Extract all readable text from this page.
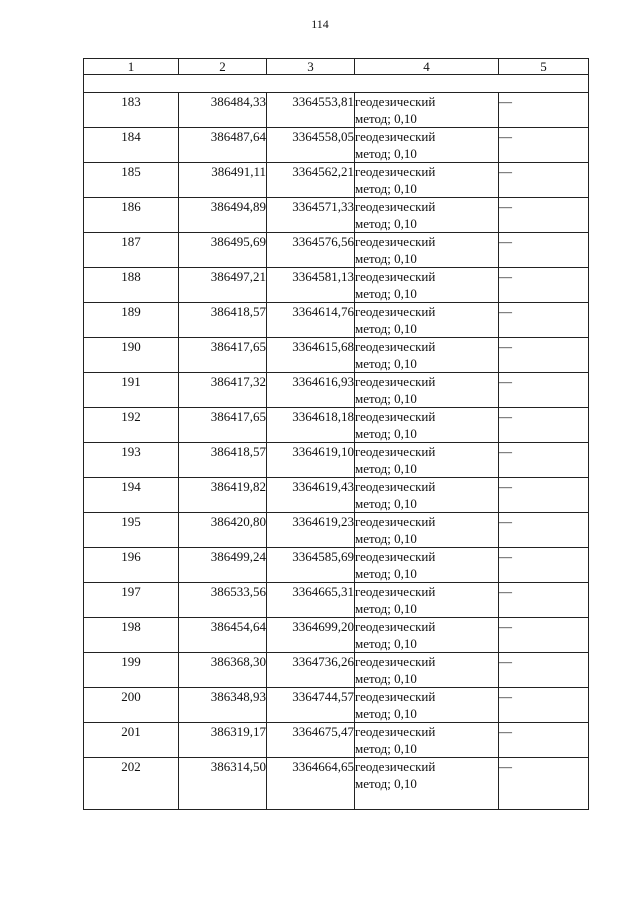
114
1	2	3	4	5

183	386484,33	3364553,81	геодезический
метод; 0,10	—
184	386487,64	3364558,05	геодезический
метод; 0,10	—
185	386491,11	3364562,21	геодезический
метод; 0,10	—
186	386494,89	3364571,33	геодезический
метод; 0,10	—
187	386495,69	3364576,56	геодезический
метод; 0,10	—
188	386497,21	3364581,13	геодезический
метод; 0,10	—
189	386418,57	3364614,76	геодезический
метод; 0,10	—
190	386417,65	3364615,68	геодезический
метод; 0,10	—
191	386417,32	3364616,93	геодезический
метод; 0,10	—
192	386417,65	3364618,18	геодезический
метод; 0,10	—
193	386418,57	3364619,10	геодезический
метод; 0,10	—
194	386419,82	3364619,43	геодезический
метод; 0,10	—
195	386420,80	3364619,23	геодезический
метод; 0,10	—
196	386499,24	3364585,69	геодезический
метод; 0,10	—
197	386533,56	3364665,31	геодезический
метод; 0,10	—
198	386454,64	3364699,20	геодезический
метод; 0,10	—
199	386368,30	3364736,26	геодезический
метод; 0,10	—
200	386348,93	3364744,57	геодезический
метод; 0,10	—
201	386319,17	3364675,47	геодезический
метод; 0,10	—
202	386314,50	3364664,65	геодезический
метод; 0,10	—
